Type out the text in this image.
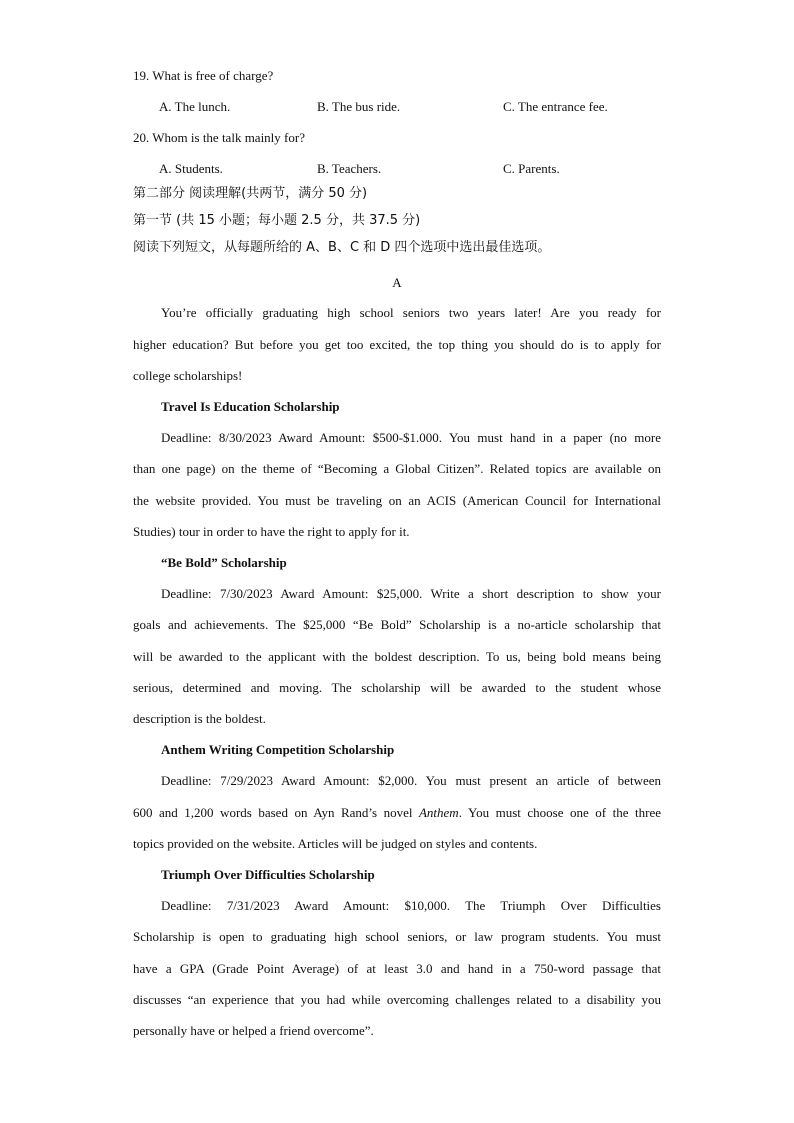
19. What is free of charge?
A. The lunch.	B. The bus ride.	C. The entrance fee.
20. Whom is the talk mainly for?
A. Students.	B. Teachers.	C. Parents.
第二部分 阅读理解(共两节，满分 50 分)
第一节 (共 15 小题；每小题 2.5 分，共 37.5 分)
阅读下列短文，从每题所给的 A、B、C 和 D 四个选项中选出最佳选项。
A
You’re officially graduating high school seniors two years later! Are you ready for
higher education? But before you get too excited, the top thing you should do is to apply for
college scholarships!
Travel Is Education Scholarship
Deadline: 8/30/2023 Award Amount: $500-$1.000. You must hand in a paper (no more
than one page) on the theme of “Becoming a Global Citizen”. Related topics are available on
the website provided. You must be traveling on an ACIS (American Council for International
Studies) tour in order to have the right to apply for it.
“Be Bold” Scholarship
Deadline: 7/30/2023 Award Amount: $25,000. Write a short description to show your
goals and achievements. The $25,000 “Be Bold” Scholarship is a no-article scholarship that
will be awarded to the applicant with the boldest description. To us, being bold means being
serious, determined and moving. The scholarship will be awarded to the student whose
description is the boldest.
Anthem Writing Competition Scholarship
Deadline: 7/29/2023 Award Amount: $2,000. You must present an article of between
600 and 1,200 words based on Ayn Rand’s novel Anthem. You must choose one of the three
topics provided on the website. Articles will be judged on styles and contents.
Triumph Over Difficulties Scholarship
Deadline: 7/31/2023 Award Amount: $10,000. The Triumph Over Difficulties
Scholarship is open to graduating high school seniors, or law program students. You must
have a GPA (Grade Point Average) of at least 3.0 and hand in a 750-word passage that
discusses “an experience that you had while overcoming challenges related to a disability you
personally have or helped a friend overcome”.
